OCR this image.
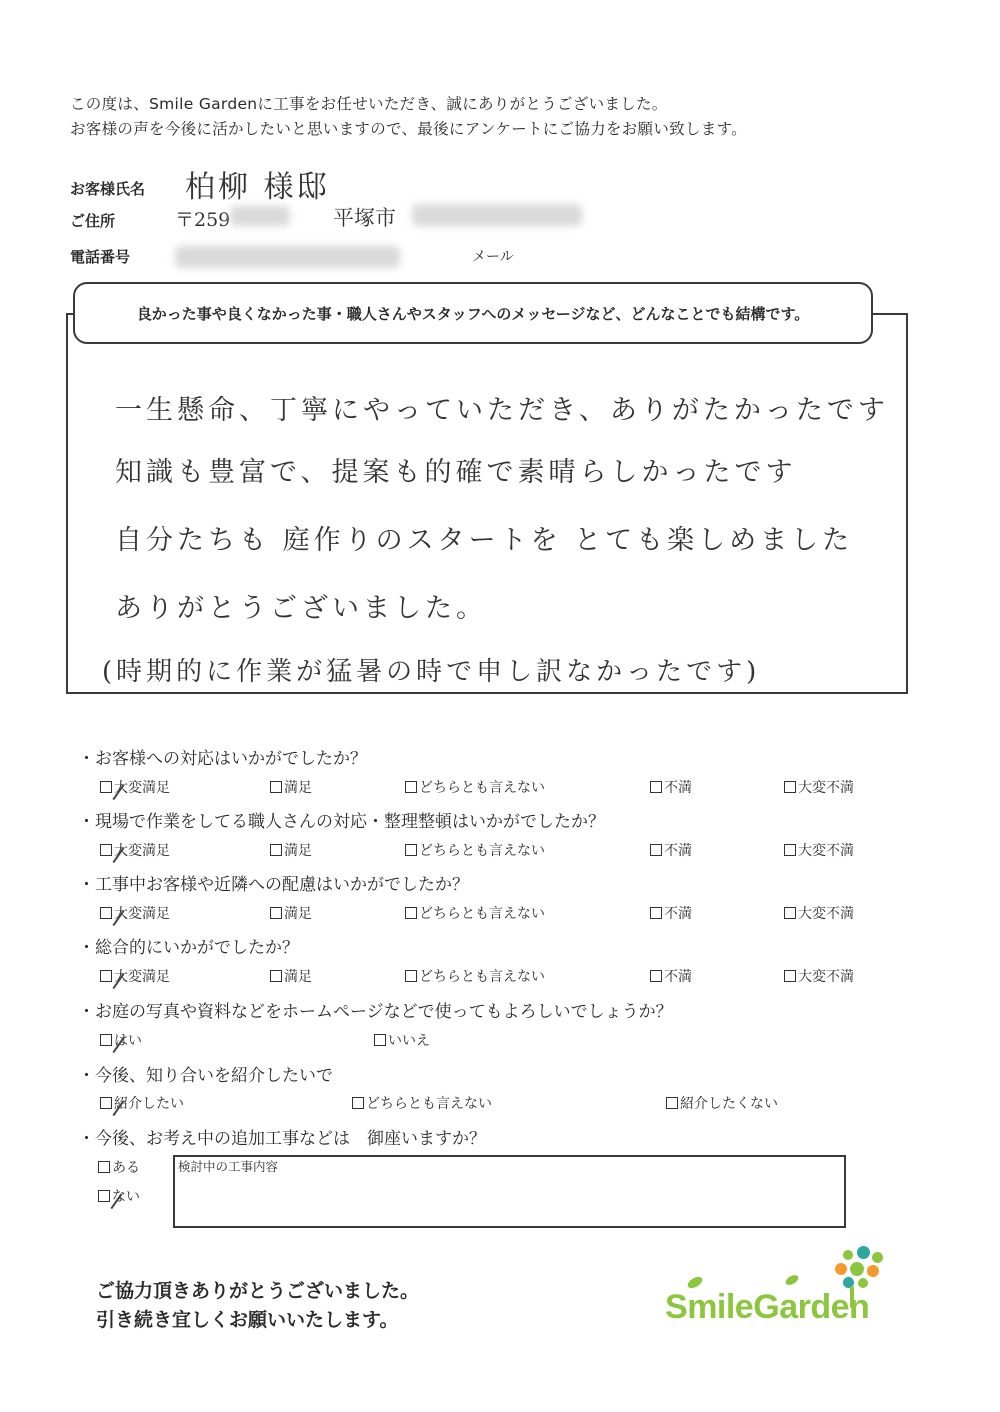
この度は、Smile Gardenに工事をお任せいただき、誠にありがとうございました。
お客様の声を今後に活かしたいと思いますので、最後にアンケートにご協力をお願い致します。
お客様氏名 柏柳 様邸
ご住所	〒259	平塚市
電話番号	メール
良かった事や良くなかった事・職人さんやスタッフへのメッセージなど、どんなことでも結構です。
一生懸命、丁寧にやっていただき、ありがたかったです
知識も豊富で、提案も的確で素晴らしかったです
自分たちも 庭作りのスタートを とても楽しめました
ありがとうございました。
(時期的に作業が猛暑の時で申し訳なかったです)
・お客様への対応はいかがでしたか？
大変満足	満足	どちらとも言えない	不満	大変不満
・現場で作業をしてる職人さんの対応・整理整頓はいかがでしたか？
大変満足	満足	どちらとも言えない	不満	大変不満
・工事中お客様や近隣への配慮はいかがでしたか？
大変満足	満足	どちらとも言えない	不満	大変不満
・総合的にいかがでしたか？
大変満足	満足	どちらとも言えない	不満	大変不満
・お庭の写真や資料などをホームページなどで使ってもよろしいでしょうか？
はい	いいえ
・今後、知り合いを紹介したいで
紹介したい	どちらとも言えない	紹介したくない
・今後、お考え中の追加工事などは　御座いますか？
ある
ない
検討中の工事内容
ご協力頂きありがとうございました。
引き続き宜しくお願いいたします。	SmileGarden
